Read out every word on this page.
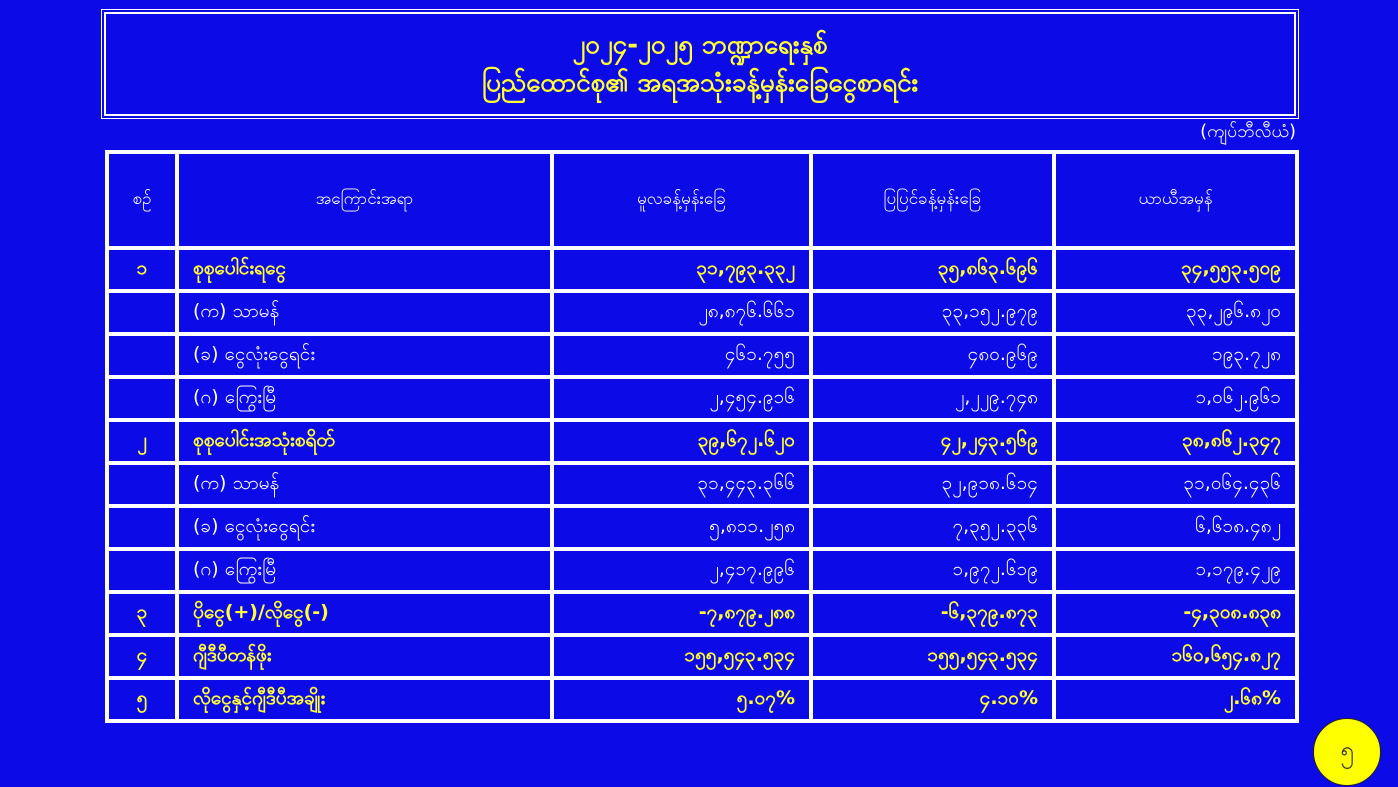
၂၀၂၄-၂၀၂၅ ဘဏ္ဍာရေးနှစ်
ပြည်ထောင်စု၏ အရအသုံးခန့်မှန်းခြေငွေစာရင်း
(ကျပ်ဘီလီယံ)
စဉ်	အကြောင်းအရာ	မူလခန့်မှန်းခြေ	ပြပြင်ခန့်မှန်းခြေ	ယာယီအမှန်
၁	စုစုပေါင်းရငွေ	၃၁,၇၉၃.၃၃၂	၃၅,၈၆၃.၆၉၆	၃၄,၅၅၃.၅၀၉
	(က) သာမန်	၂၈,၈၇၆.၆၆၁	၃၃,၁၅၂.၉၇၉	၃၃,၂၉၆.၈၂၀
	(ခ) ငွေလုံးငွေရင်း	၄၆၁.၇၅၅	၄၈၀.၉၆၉	၁၉၃.၇၂၈
	(ဂ) ကြွေးမြီ	၂,၄၅၄.၉၁၆	၂,၂၂၉.၇၄၈	၁,၀၆၂.၉၆၁
၂	စုစုပေါင်းအသုံးစရိတ်	၃၉,၆၇၂.၆၂၀	၄၂,၂၄၃.၅၆၉	၃၈,၈၆၂.၃၄၇
	(က) သာမန်	၃၁,၄၄၃.၃၆၆	၃၂,၉၁၈.၆၁၄	၃၁,၀၆၄.၄၃၆
	(ခ) ငွေလုံးငွေရင်း	၅,၈၁၁.၂၅၈	၇,၃၅၂.၃၃၆	၆,၆၁၈.၄၈၂
	(ဂ) ကြွေးမြီ	၂,၄၁၇.၉၉၆	၁,၉၇၂.၆၁၉	၁,၁၇၉.၄၂၉
၃	ပိုငွေ(+)/လိုငွေ(-)	-၇,၈၇၉.၂၈၈	-၆,၃၇၉.၈၇၃	-၄,၃၀၈.၈၃၈
၄	ဂျီဒီပီတန်ဖိုး	၁၅၅,၅၄၃.၅၃၄	၁၅၅,၅၄၃.၅၃၄	၁၆၀,၆၅၄.၈၂၇
၅	လိုငွေနှင့်ဂျီဒီပီအချိုး	၅.၀၇%	၄.၁၀%	၂.၆၈%
၅
